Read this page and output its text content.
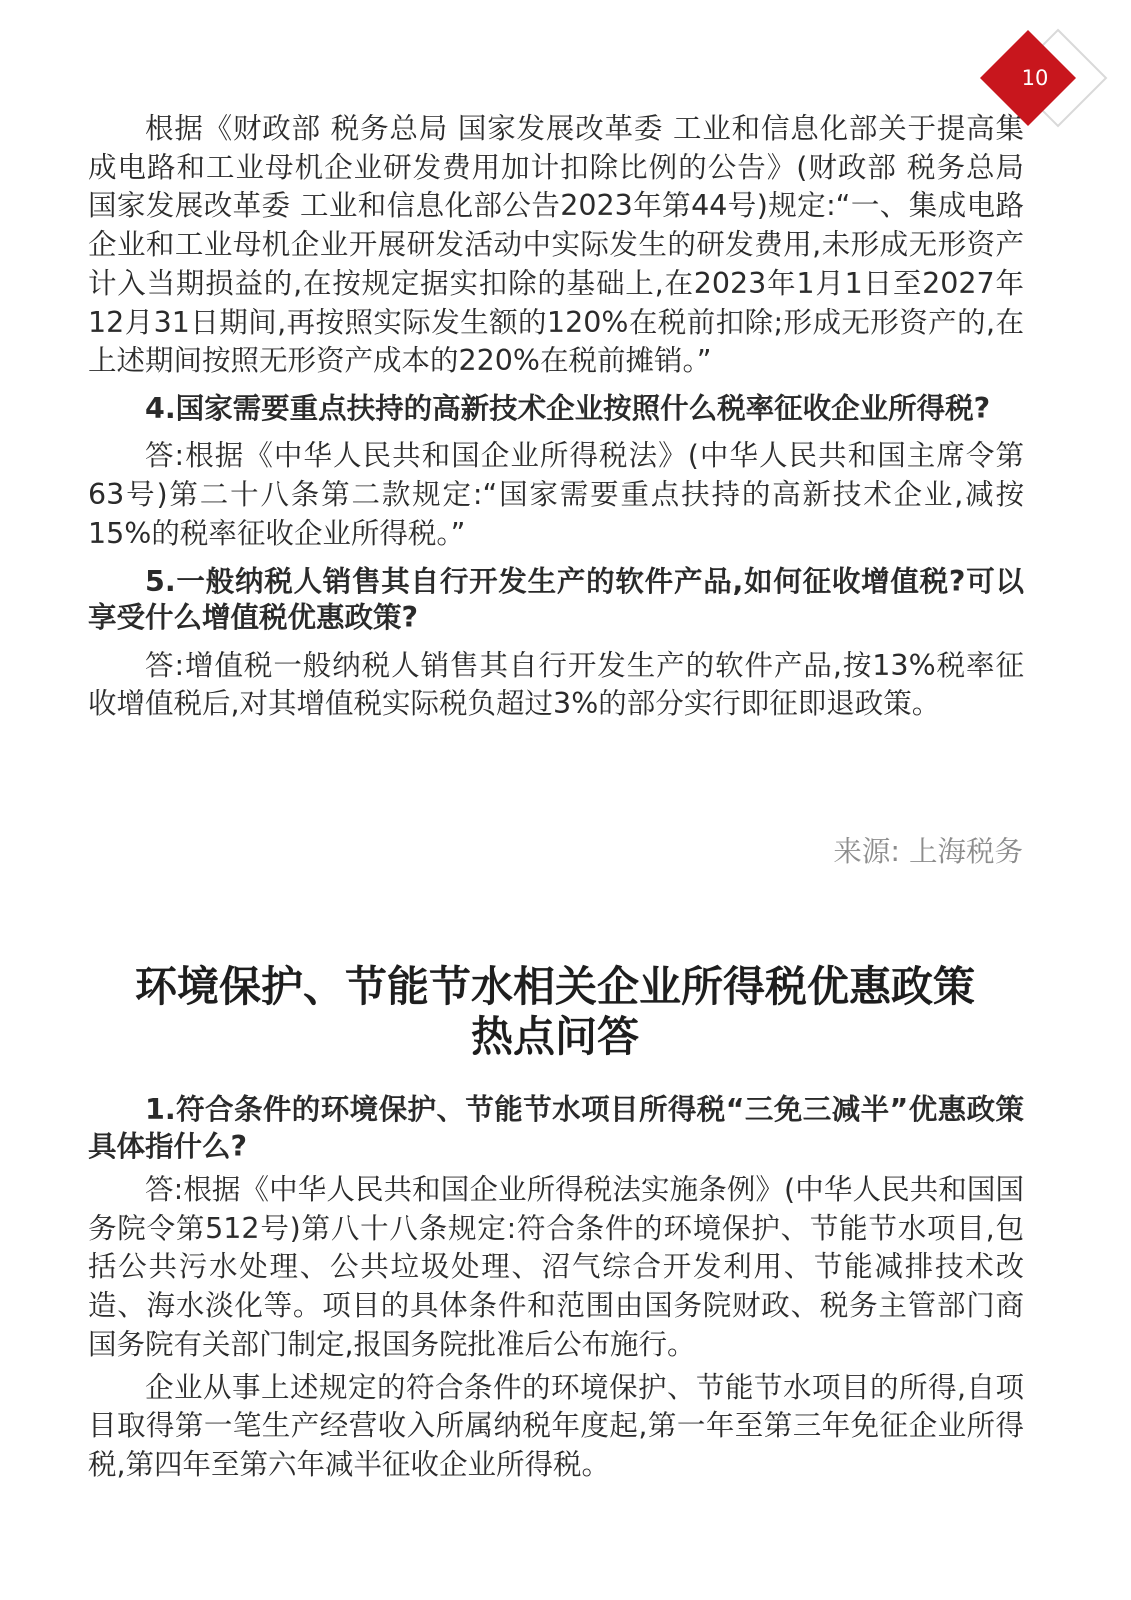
10

根据《财政部 税务总局 国家发展改革委 工业和信息化部关于提高集成电路和工业母机企业研发费用加计扣除比例的公告》(财政部 税务总局 国家发展改革委 工业和信息化部公告2023年第44号)规定:“一、集成电路企业和工业母机企业开展研发活动中实际发生的研发费用,未形成无形资产计入当期损益的,在按规定据实扣除的基础上,在2023年1月1日至2027年12月31日期间,再按照实际发生额的120%在税前扣除;形成无形资产的,在上述期间按照无形资产成本的220%在税前摊销。”

4.国家需要重点扶持的高新技术企业按照什么税率征收企业所得税?

答:根据《中华人民共和国企业所得税法》(中华人民共和国主席令第63号)第二十八条第二款规定:“国家需要重点扶持的高新技术企业,减按15%的税率征收企业所得税。”

5.一般纳税人销售其自行开发生产的软件产品,如何征收增值税?可以享受什么增值税优惠政策?

答:增值税一般纳税人销售其自行开发生产的软件产品,按13%税率征收增值税后,对其增值税实际税负超过3%的部分实行即征即退政策。

来源: 上海税务
环境保护、节能节水相关企业所得税优惠政策
热点问答

1.符合条件的环境保护、节能节水项目所得税“三免三减半”优惠政策具体指什么?

答:根据《中华人民共和国企业所得税法实施条例》(中华人民共和国国务院令第512号)第八十八条规定:符合条件的环境保护、节能节水项目,包括公共污水处理、公共垃圾处理、沼气综合开发利用、节能减排技术改造、海水淡化等。项目的具体条件和范围由国务院财政、税务主管部门商国务院有关部门制定,报国务院批准后公布施行。

企业从事上述规定的符合条件的环境保护、节能节水项目的所得,自项目取得第一笔生产经营收入所属纳税年度起,第一年至第三年免征企业所得税,第四年至第六年减半征收企业所得税。
